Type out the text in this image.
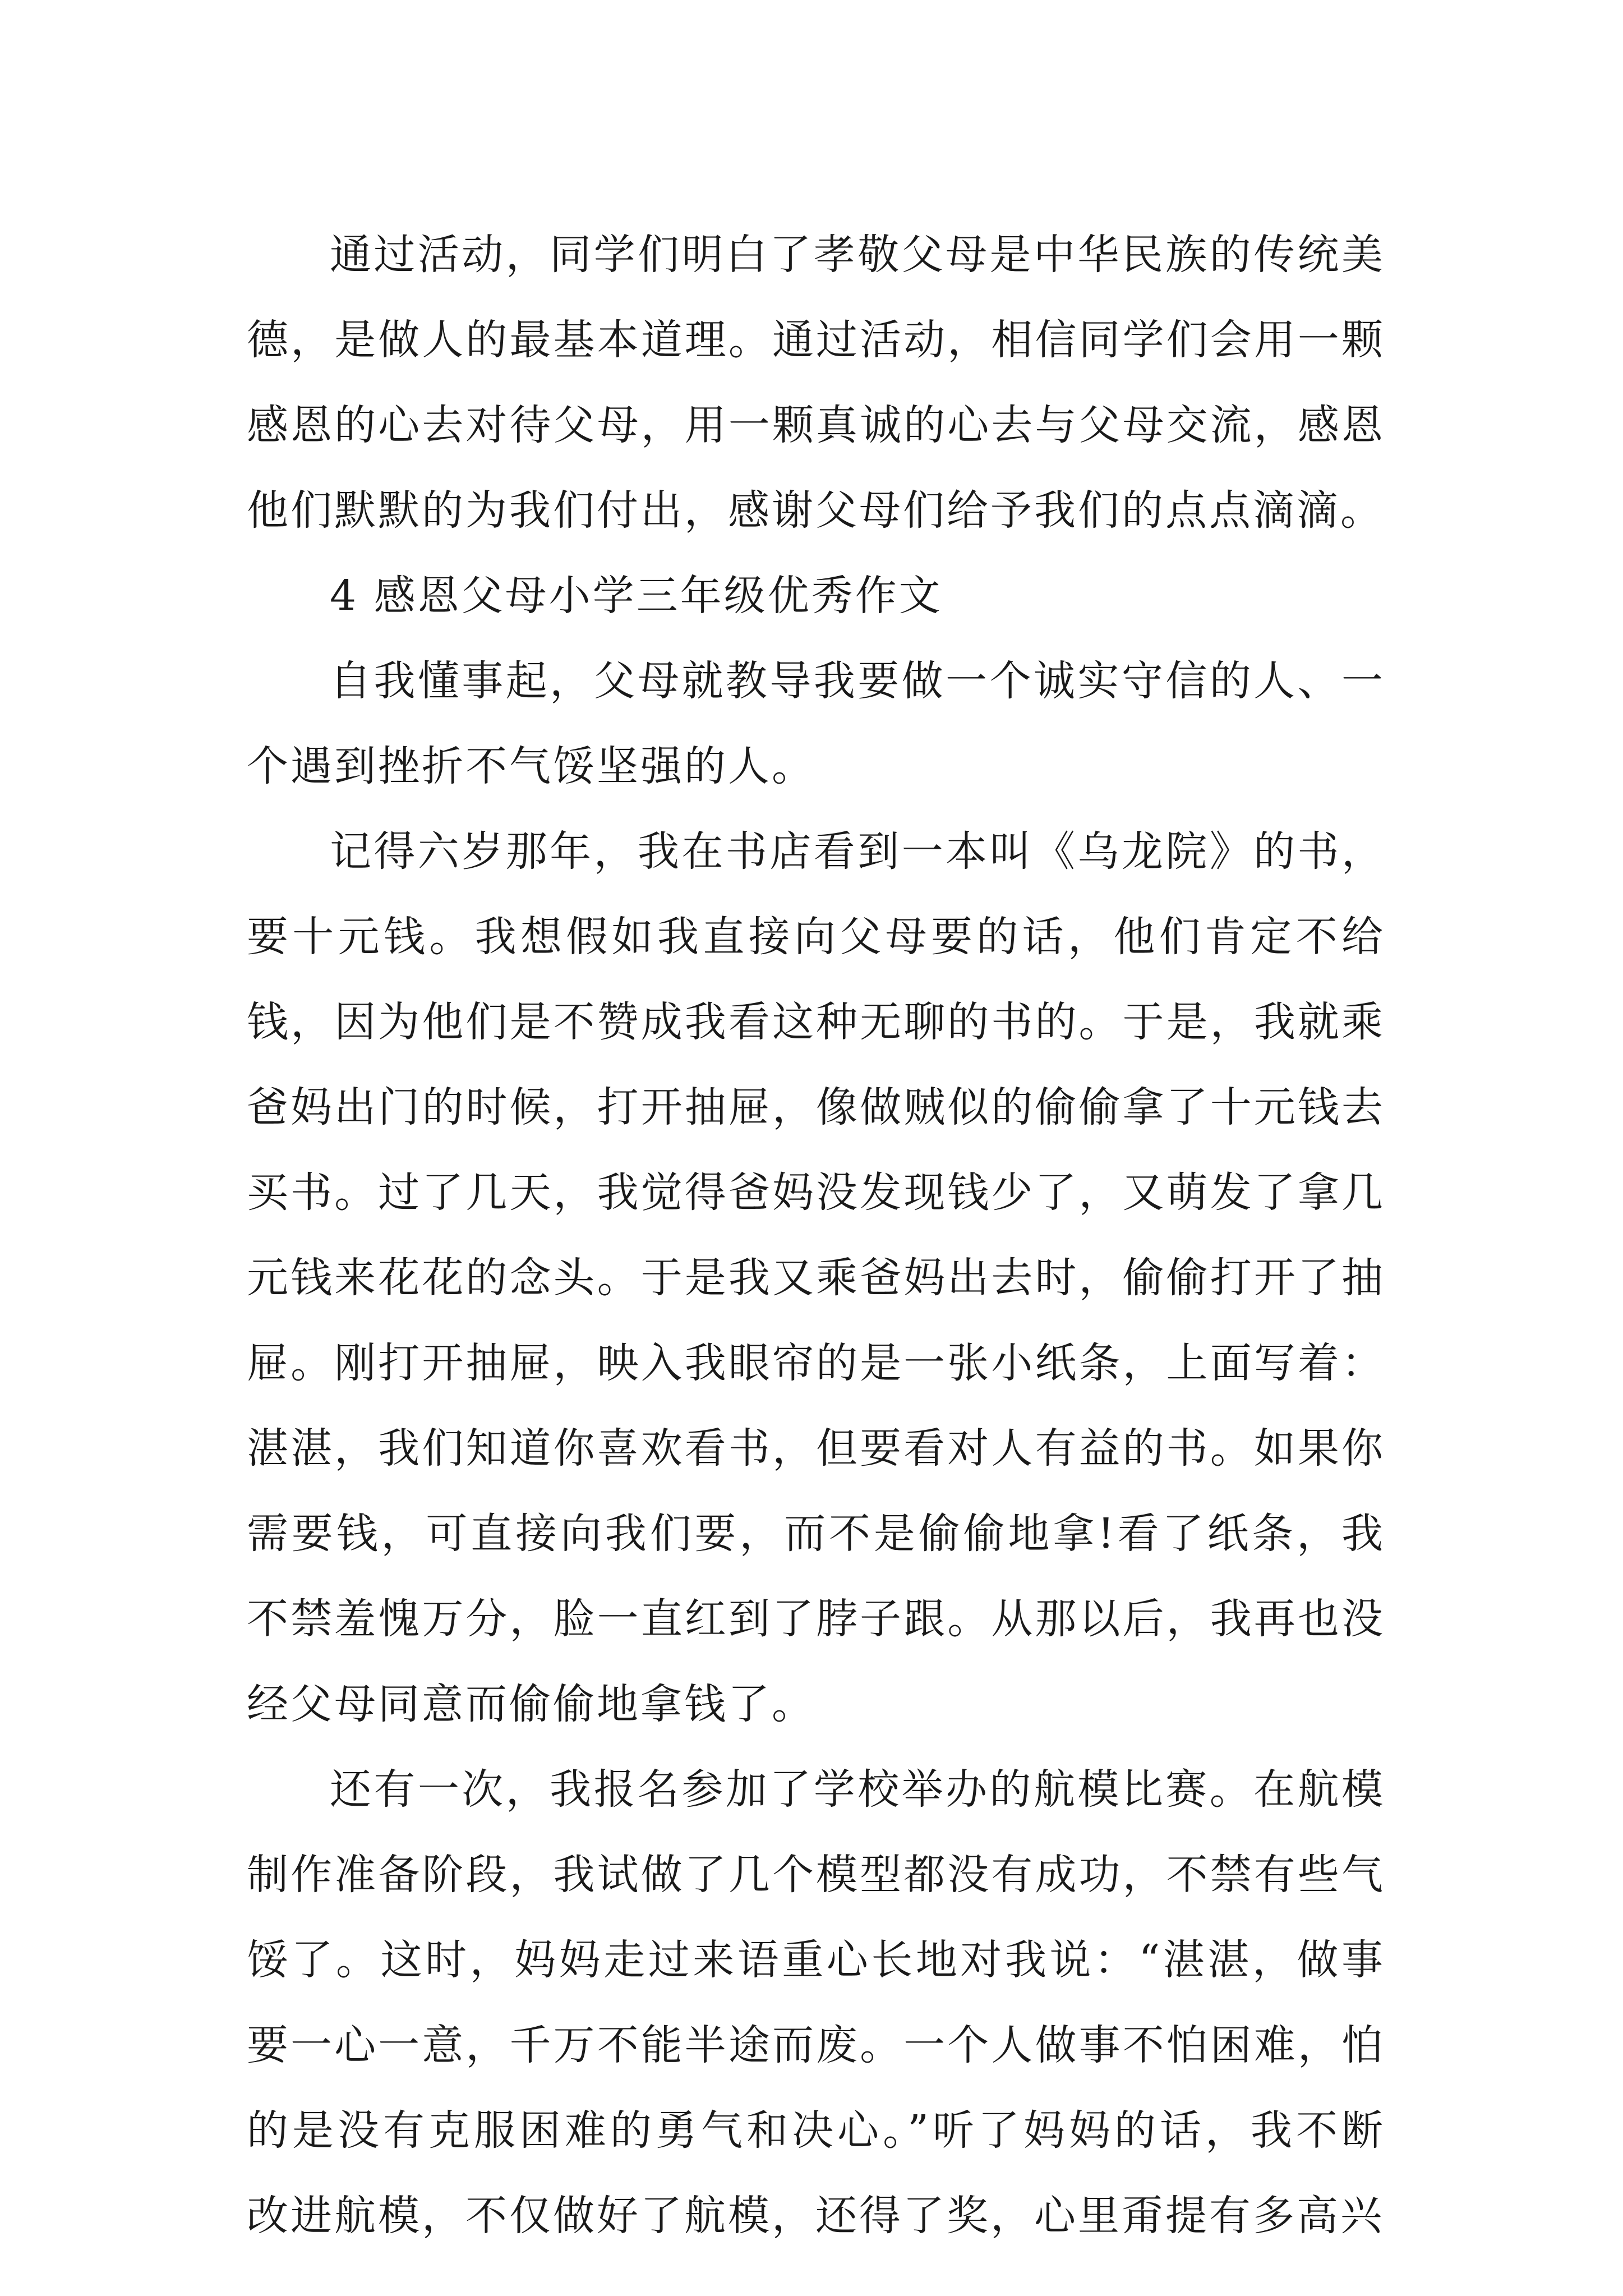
通过活动，同学们明白了孝敬父母是中华民族的传统美德，是做人的最基本道理。通过活动，相信同学们会用一颗感恩的心去对待父母，用一颗真诚的心去与父母交流，感恩他们默默的为我们付出，感谢父母们给予我们的点点滴滴。

4 感恩父母小学三年级优秀作文

自我懂事起，父母就教导我要做一个诚实守信的人、一个遇到挫折不气馁坚强的人。

记得六岁那年，我在书店看到一本叫《乌龙院》的书，要十元钱。我想假如我直接向父母要的话，他们肯定不给钱，因为他们是不赞成我看这种无聊的书的。于是，我就乘爸妈出门的时候，打开抽屉，像做贼似的偷偷拿了十元钱去买书。过了几天，我觉得爸妈没发现钱少了，又萌发了拿几元钱来花花的念头。于是我又乘爸妈出去时，偷偷打开了抽屉。刚打开抽屉，映入我眼帘的是一张小纸条，上面写着：湛湛，我们知道你喜欢看书，但要看对人有益的书。如果你需要钱，可直接向我们要，而不是偷偷地拿!看了纸条，我不禁羞愧万分，脸一直红到了脖子跟。从那以后，我再也没经父母同意而偷偷地拿钱了。

还有一次，我报名参加了学校举办的航模比赛。在航模制作准备阶段，我试做了几个模型都没有成功，不禁有些气馁了。这时，妈妈走过来语重心长地对我说：“湛湛，做事要一心一意，千万不能半途而废。一个人做事不怕困难，怕的是没有克服困难的勇气和决心。”听了妈妈的话，我不断改进航模，不仅做好了航模，还得了奖，心里甭提有多高兴
